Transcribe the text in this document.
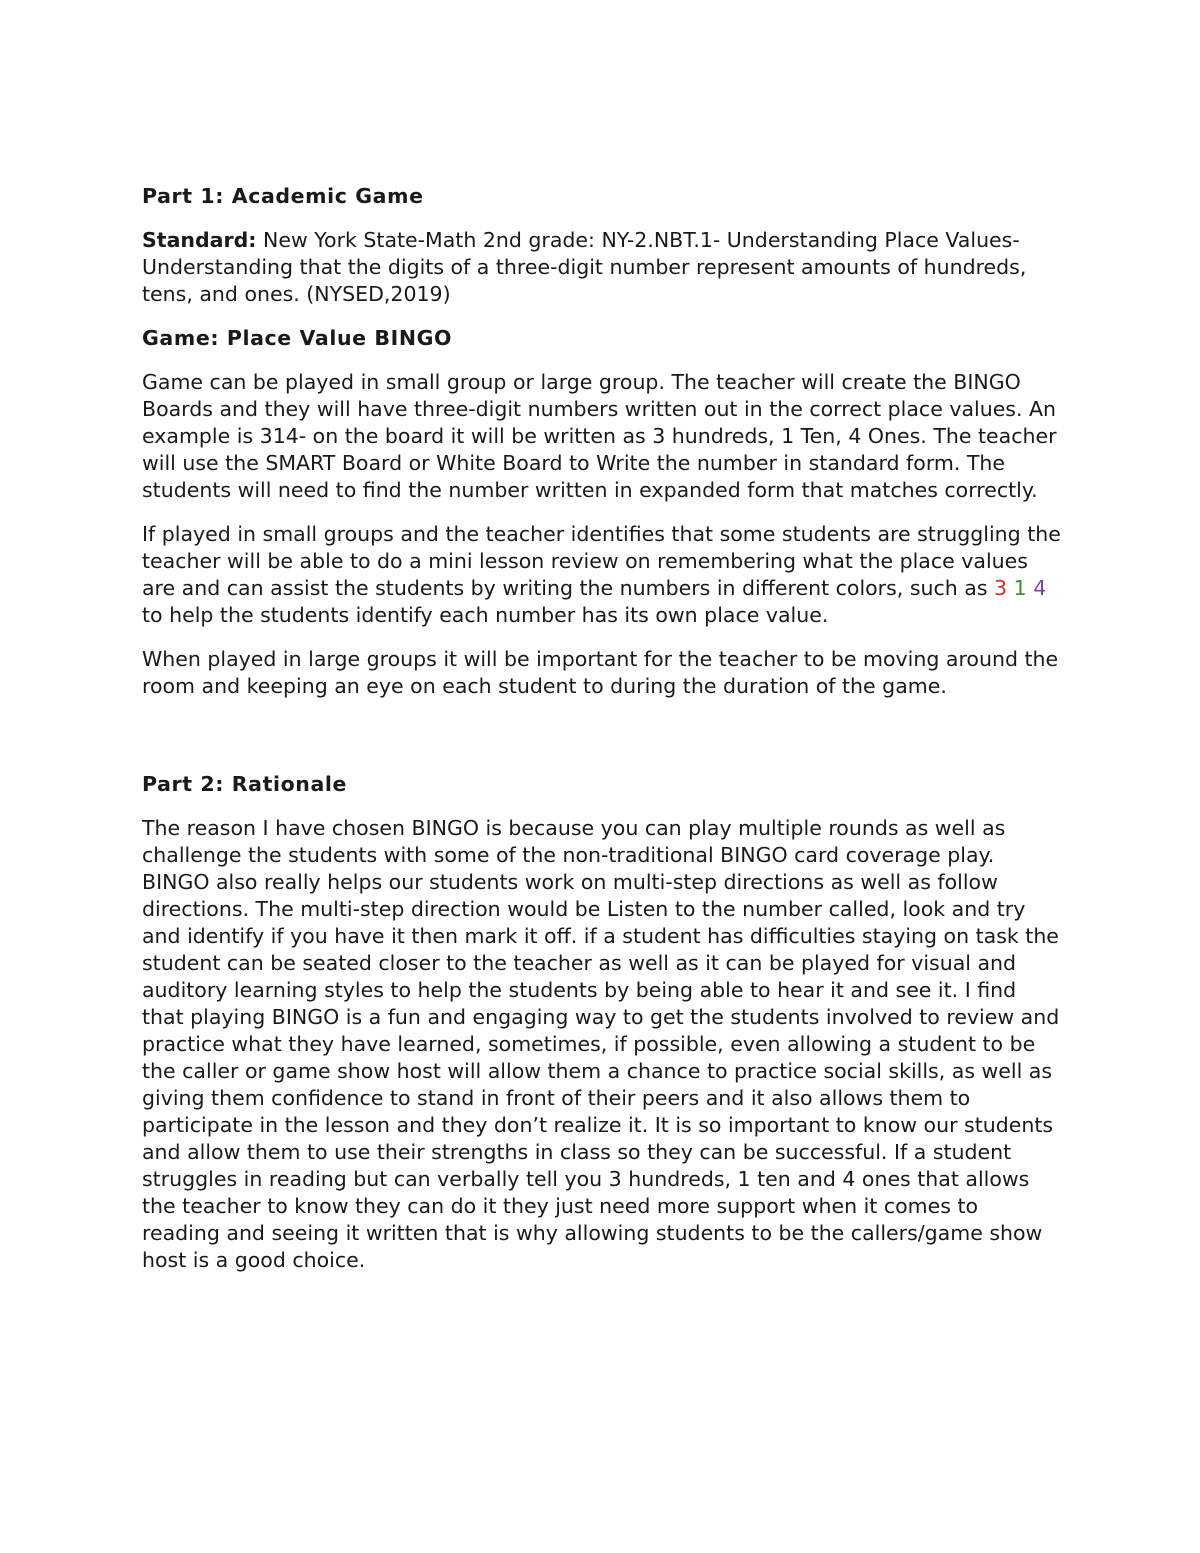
Part 1: Academic Game

Standard: New York State-Math 2nd grade: NY-2.NBT.1- Understanding Place Values- Understanding that the digits of a three-digit number represent amounts of hundreds, tens, and ones. (NYSED,2019)

Game: Place Value BINGO

Game can be played in small group or large group. The teacher will create the BINGO Boards and they will have three-digit numbers written out in the correct place values. An example is 314- on the board it will be written as 3 hundreds, 1 Ten, 4 Ones. The teacher will use the SMART Board or White Board to Write the number in standard form. The students will need to find the number written in expanded form that matches correctly.

If played in small groups and the teacher identifies that some students are struggling the teacher will be able to do a mini lesson review on remembering what the place values are and can assist the students by writing the numbers in different colors, such as 3 1 4 to help the students identify each number has its own place value.

When played in large groups it will be important for the teacher to be moving around the room and keeping an eye on each student to during the duration of the game.

Part 2: Rationale

The reason I have chosen BINGO is because you can play multiple rounds as well as challenge the students with some of the non-traditional BINGO card coverage play. BINGO also really helps our students work on multi-step directions as well as follow directions. The multi-step direction would be Listen to the number called, look and try and identify if you have it then mark it off. if a student has difficulties staying on task the student can be seated closer to the teacher as well as it can be played for visual and auditory learning styles to help the students by being able to hear it and see it. I find that playing BINGO is a fun and engaging way to get the students involved to review and practice what they have learned, sometimes, if possible, even allowing a student to be the caller or game show host will allow them a chance to practice social skills, as well as giving them confidence to stand in front of their peers and it also allows them to participate in the lesson and they don’t realize it. It is so important to know our students and allow them to use their strengths in class so they can be successful. If a student struggles in reading but can verbally tell you 3 hundreds, 1 ten and 4 ones that allows the teacher to know they can do it they just need more support when it comes to reading and seeing it written that is why allowing students to be the callers/game show host is a good choice.
